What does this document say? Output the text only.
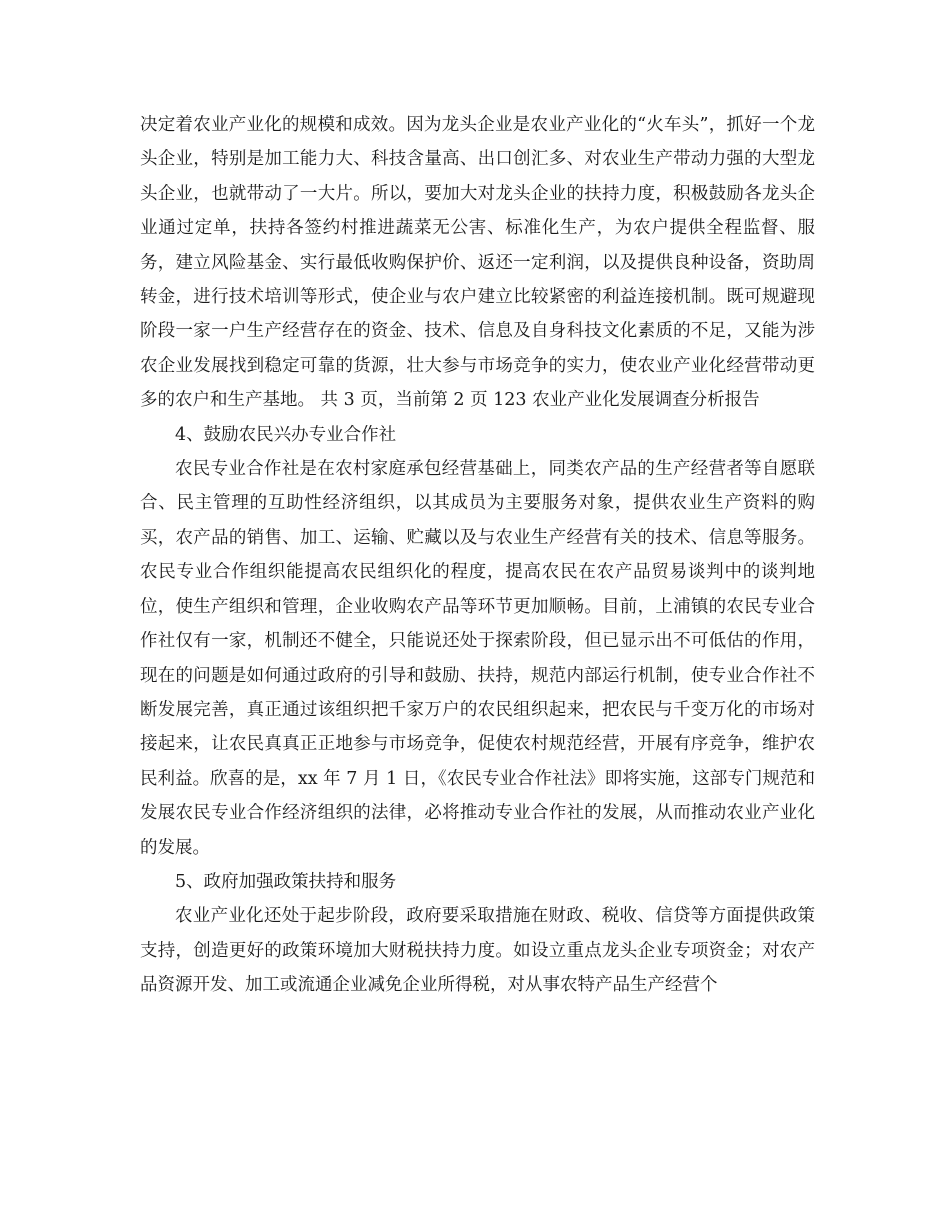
决定着农业产业化的规模和成效。因为龙头企业是农业产业化的“火车头”，抓好一个龙头企业，特别是加工能力大、科技含量高、出口创汇多、对农业生产带动力强的大型龙头企业，也就带动了一大片。所以，要加大对龙头企业的扶持力度，积极鼓励各龙头企业通过定单，扶持各签约村推进蔬菜无公害、标准化生产，为农户提供全程监督、服务，建立风险基金、实行最低收购保护价、返还一定利润，以及提供良种设备，资助周转金，进行技术培训等形式，使企业与农户建立比较紧密的利益连接机制。既可规避现阶段一家一户生产经营存在的资金、技术、信息及自身科技文化素质的不足，又能为涉农企业发展找到稳定可靠的货源，壮大参与市场竞争的实力，使农业产业化经营带动更多的农户和生产基地。 共 3 页，当前第 2 页 123 农业产业化发展调查分析报告

4、鼓励农民兴办专业合作社

农民专业合作社是在农村家庭承包经营基础上，同类农产品的生产经营者等自愿联合、民主管理的互助性经济组织，以其成员为主要服务对象，提供农业生产资料的购买，农产品的销售、加工、运输、贮藏以及与农业生产经营有关的技术、信息等服务。农民专业合作组织能提高农民组织化的程度，提高农民在农产品贸易谈判中的谈判地位，使生产组织和管理，企业收购农产品等环节更加顺畅。目前，上浦镇的农民专业合作社仅有一家，机制还不健全，只能说还处于探索阶段，但已显示出不可低估的作用，现在的问题是如何通过政府的引导和鼓励、扶持，规范内部运行机制，使专业合作社不断发展完善，真正通过该组织把千家万户的农民组织起来，把农民与千变万化的市场对接起来，让农民真真正正地参与市场竞争，促使农村规范经营，开展有序竞争，维护农民利益。欣喜的是，xx 年 7 月 1 日，《农民专业合作社法》即将实施，这部专门规范和发展农民专业合作经济组织的法律，必将推动专业合作社的发展，从而推动农业产业化的发展。

5、政府加强政策扶持和服务

农业产业化还处于起步阶段，政府要采取措施在财政、税收、信贷等方面提供政策支持，创造更好的政策环境加大财税扶持力度。如设立重点龙头企业专项资金；对农产品资源开发、加工或流通企业减免企业所得税，对从事农特产品生产经营个
